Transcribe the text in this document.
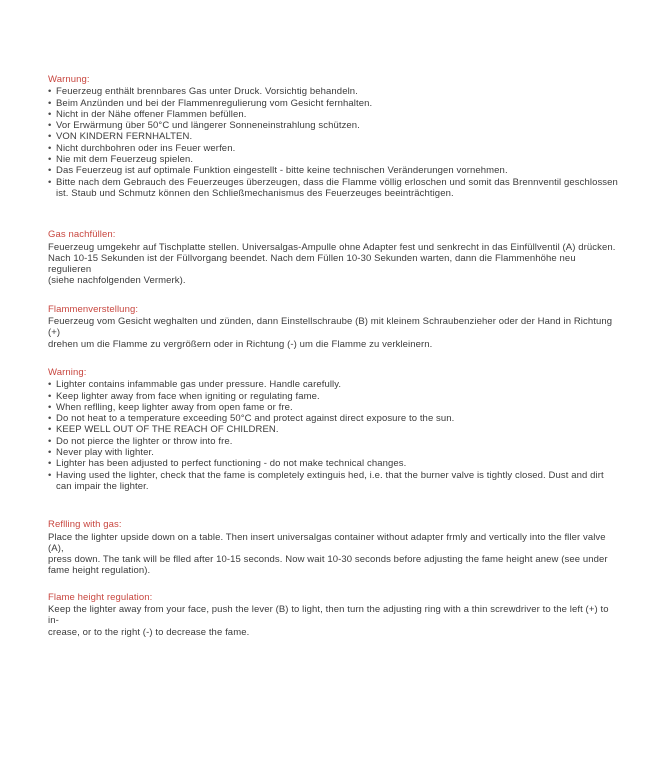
Warnung:
• Feuerzeug enthält brennbares Gas unter Druck. Vorsichtig behandeln.
• Beim Anzünden und bei der Flammenregulierung vom Gesicht fernhalten.
• Nicht in der Nähe offener Flammen befüllen.
• Vor Erwärmung über 50°C und längerer Sonneneinstrahlung schützen.
• VON KINDERN FERNHALTEN.
• Nicht durchbohren oder ins Feuer werfen.
• Nie mit dem Feuerzeug spielen.
• Das Feuerzeug ist auf optimale Funktion eingestellt - bitte keine technischen Veränderungen vornehmen.
• Bitte nach dem Gebrauch des Feuerzeuges überzeugen, dass die Flamme völlig erloschen und somit das Brennventil geschlossen ist. Staub und Schmutz können den Schließmechanismus des Feuerzeuges beeinträchtigen.
Gas nachfüllen:
Feuerzeug umgekehr auf Tischplatte stellen. Universalgas-Ampulle ohne Adapter fest und senkrecht in das Einfüllventil (A) drücken.
Nach 10-15 Sekunden ist der Füllvorgang beendet. Nach dem Füllen 10-30 Sekunden warten, dann die Flammenhöhe neu regulieren
(siehe nachfolgenden Vermerk).
Flammenverstellung:
Feuerzeug vom Gesicht weghalten und zünden, dann Einstellschraube (B) mit kleinem Schraubenzieher oder der Hand in Richtung (+)
drehen um die Flamme zu vergrößern oder in Richtung (-) um die Flamme zu verkleinern.
Warning:
• Lighter contains infammable gas under pressure. Handle carefully.
• Keep lighter away from face when igniting or regulating fame.
• When reflling, keep lighter away from open fame or fre.
• Do not heat to a temperature exceeding 50°C and protect against direct exposure to the sun.
• KEEP WELL OUT OF THE REACH OF CHILDREN.
• Do not pierce the lighter or throw into fre.
• Never play with lighter.
• Lighter has been adjusted to perfect functioning - do not make technical changes.
• Having used the lighter, check that the fame is completely extinguis hed, i.e. that the burner valve is tightly closed. Dust and dirt can impair the lighter.
Reflling with gas:
Place the lighter upside down on a table. Then insert universalgas container without adapter frmly and vertically into the fller valve (A),
press down. The tank will be flled after 10-15 seconds. Now wait 10-30 seconds before adjusting the fame height anew (see under
fame height regulation).
Flame height regulation:
Keep the lighter away from your face, push the lever (B) to light, then turn the adjusting ring with a thin screwdriver to the left (+) to in-
crease, or to the right (-) to decrease the fame.
